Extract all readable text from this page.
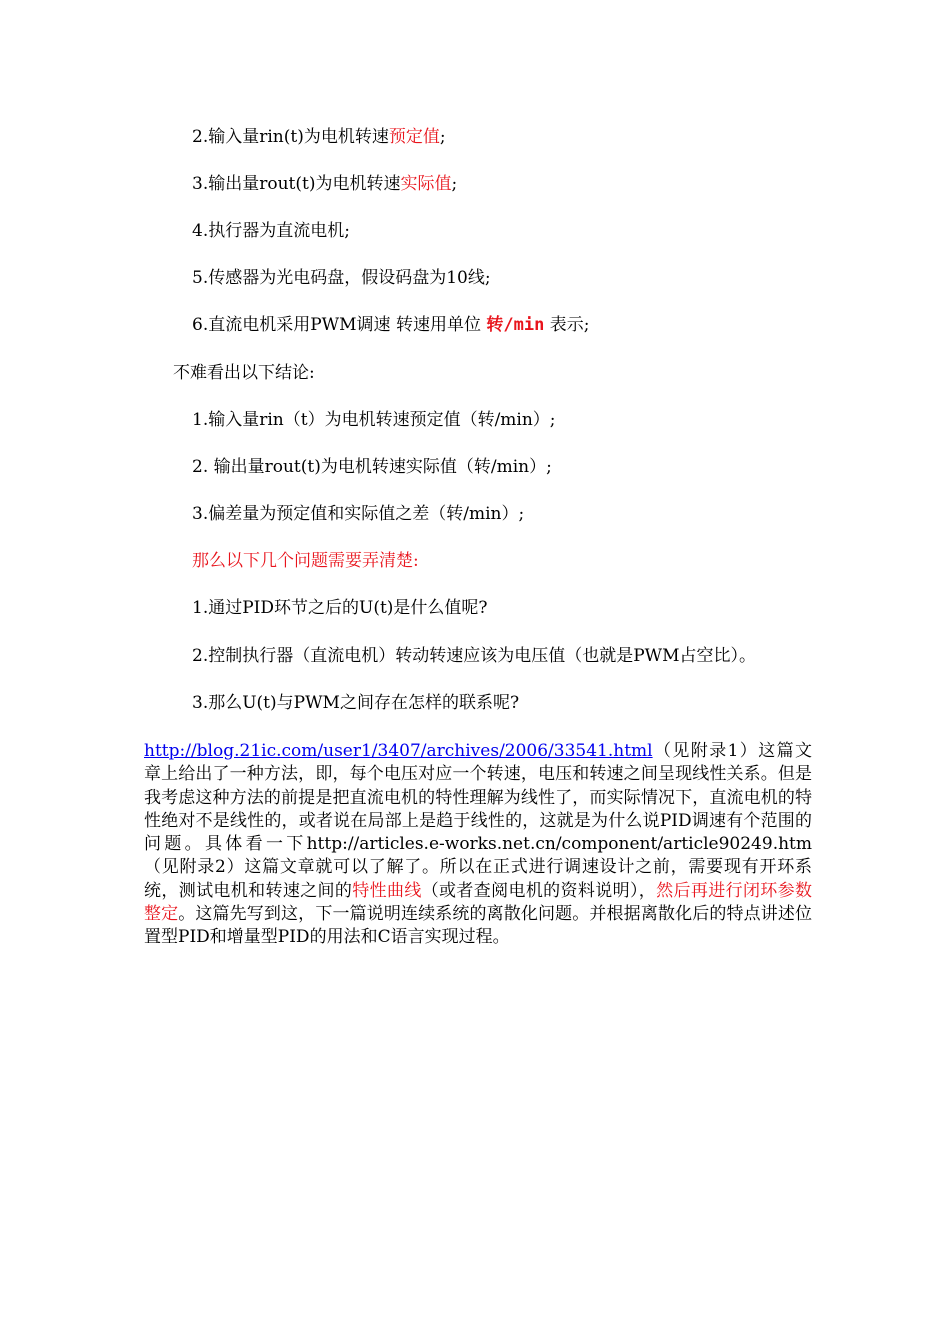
2.输入量rin(t)为电机转速预定值;
3.输出量rout(t)为电机转速实际值;
4.执行器为直流电机;
5.传感器为光电码盘，假设码盘为10线;
6.直流电机采用PWM调速 转速用单位 转/min 表示;
不难看出以下结论:
1.输入量rin（t）为电机转速预定值（转/min）;
2. 输出量rout(t)为电机转速实际值（转/min）;
3.偏差量为预定值和实际值之差（转/min）;
那么以下几个问题需要弄清楚:
1.通过PID环节之后的U(t)是什么值呢?
2.控制执行器（直流电机）转动转速应该为电压值（也就是PWM占空比）。
3.那么U(t)与PWM之间存在怎样的联系呢?
http://blog.21ic.com/user1/3407/archives/2006/33541.html（见附录1）这篇文章上给出了一种方法，即，每个电压对应一个转速，电压和转速之间呈现线性关系。但是我考虑这种方法的前提是把直流电机的特性理解为线性了，而实际情况下，直流电机的特性绝对不是线性的，或者说在局部上是趋于线性的，这就是为什么说PID调速有个范围的问题。具体看一下http://articles.e-works.net.cn/component/article90249.htm（见附录2）这篇文章就可以了解了。所以在正式进行调速设计之前，需要现有开环系统，测试电机和转速之间的特性曲线（或者查阅电机的资料说明），然后再进行闭环参数整定。这篇先写到这，下一篇说明连续系统的离散化问题。并根据离散化后的特点讲述位置型PID和增量型PID的用法和C语言实现过程。
